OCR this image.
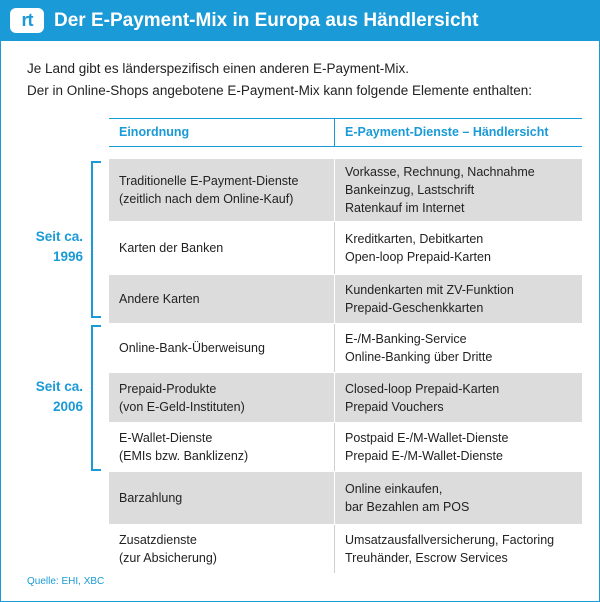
rt	Der E-Payment-Mix in Europa aus Händlersicht
Je Land gibt es länderspezifisch einen anderen E-Payment-Mix.
Der in Online-Shops angebotene E-Payment-Mix kann folgende Elemente enthalten:
Einordnung	E-Payment-Dienste – Händlersicht
Traditionelle E-Payment-Dienste
(zeitlich nach dem Online-Kauf)
Vorkasse, Rechnung, Nachnahme
Bankeinzug, Lastschrift
Ratenkauf im Internet
Karten der Banken
Kreditkarten, Debitkarten
Open-loop Prepaid-Karten
Andere Karten
Kundenkarten mit ZV-Funktion
Prepaid-Geschenkkarten
Online-Bank-Überweisung
E-/M-Banking-Service
Online-Banking über Dritte
Prepaid-Produkte
(von E-Geld-Instituten)
Closed-loop Prepaid-Karten
Prepaid Vouchers
E-Wallet-Dienste
(EMIs bzw. Banklizenz)
Postpaid E-/M-Wallet-Dienste
Prepaid E-/M-Wallet-Dienste
Barzahlung
Online einkaufen,
bar Bezahlen am POS
Zusatzdienste
(zur Absicherung)
Umsatzausfallversicherung, Factoring
Treuhänder, Escrow Services
Seit ca.
1996
Seit ca.
2006
Quelle: EHI, XBC
